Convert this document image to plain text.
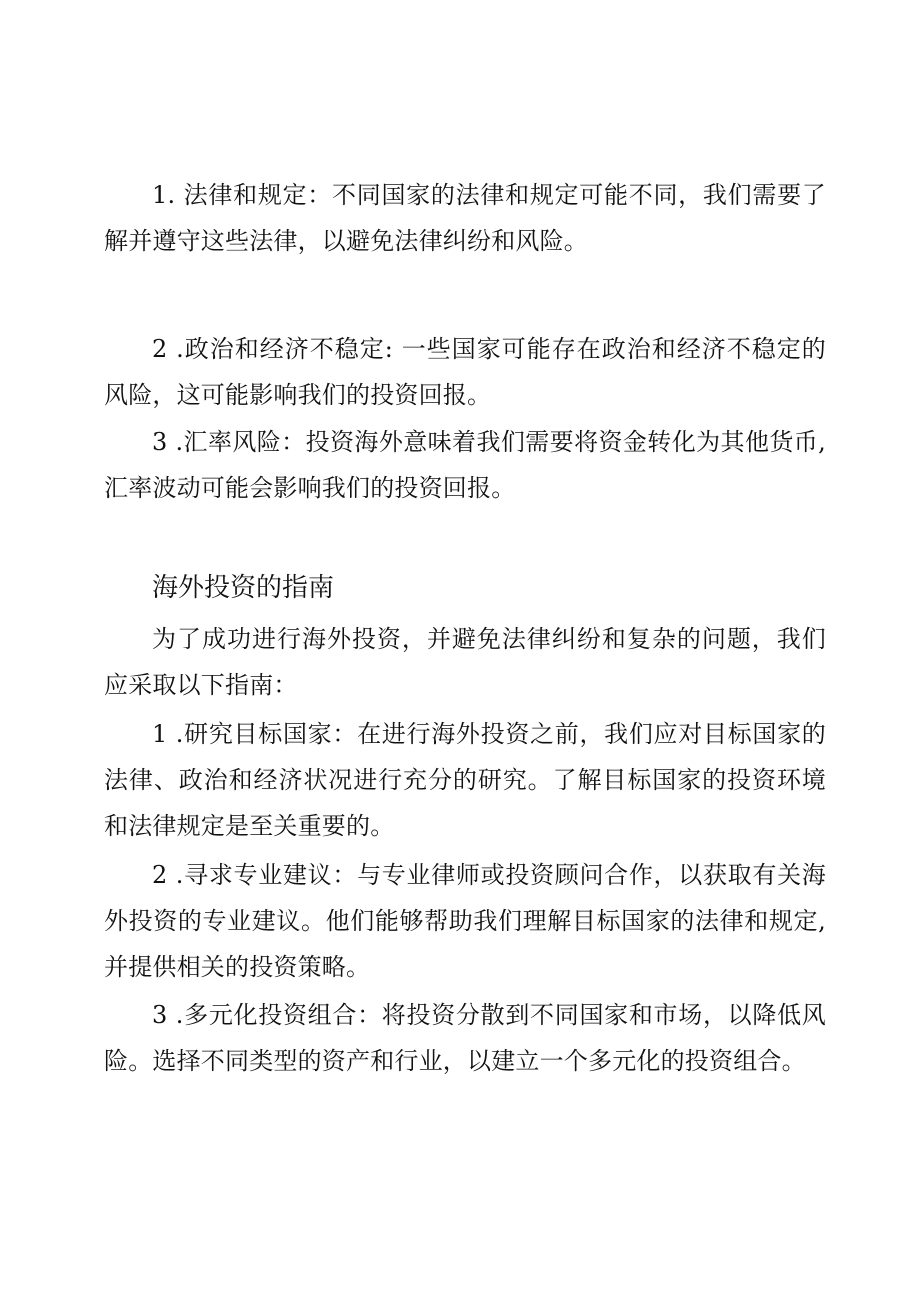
1. 法律和规定：不同国家的法律和规定可能不同，我们需要了解并遵守这些法律，以避免法律纠纷和风险。

2 .政治和经济不稳定: 一些国家可能存在政治和经济不稳定的风险，这可能影响我们的投资回报。

3 .汇率风险：投资海外意味着我们需要将资金转化为其他货币, 汇率波动可能会影响我们的投资回报。

海外投资的指南

为了成功进行海外投资，并避免法律纠纷和复杂的问题，我们应采取以下指南：

1 .研究目标国家：在进行海外投资之前，我们应对目标国家的法律、政治和经济状况进行充分的研究。了解目标国家的投资环境和法律规定是至关重要的。

2 .寻求专业建议：与专业律师或投资顾问合作，以获取有关海外投资的专业建议。他们能够帮助我们理解目标国家的法律和规定, 并提供相关的投资策略。

3 .多元化投资组合：将投资分散到不同国家和市场，以降低风险。选择不同类型的资产和行业，以建立一个多元化的投资组合。
